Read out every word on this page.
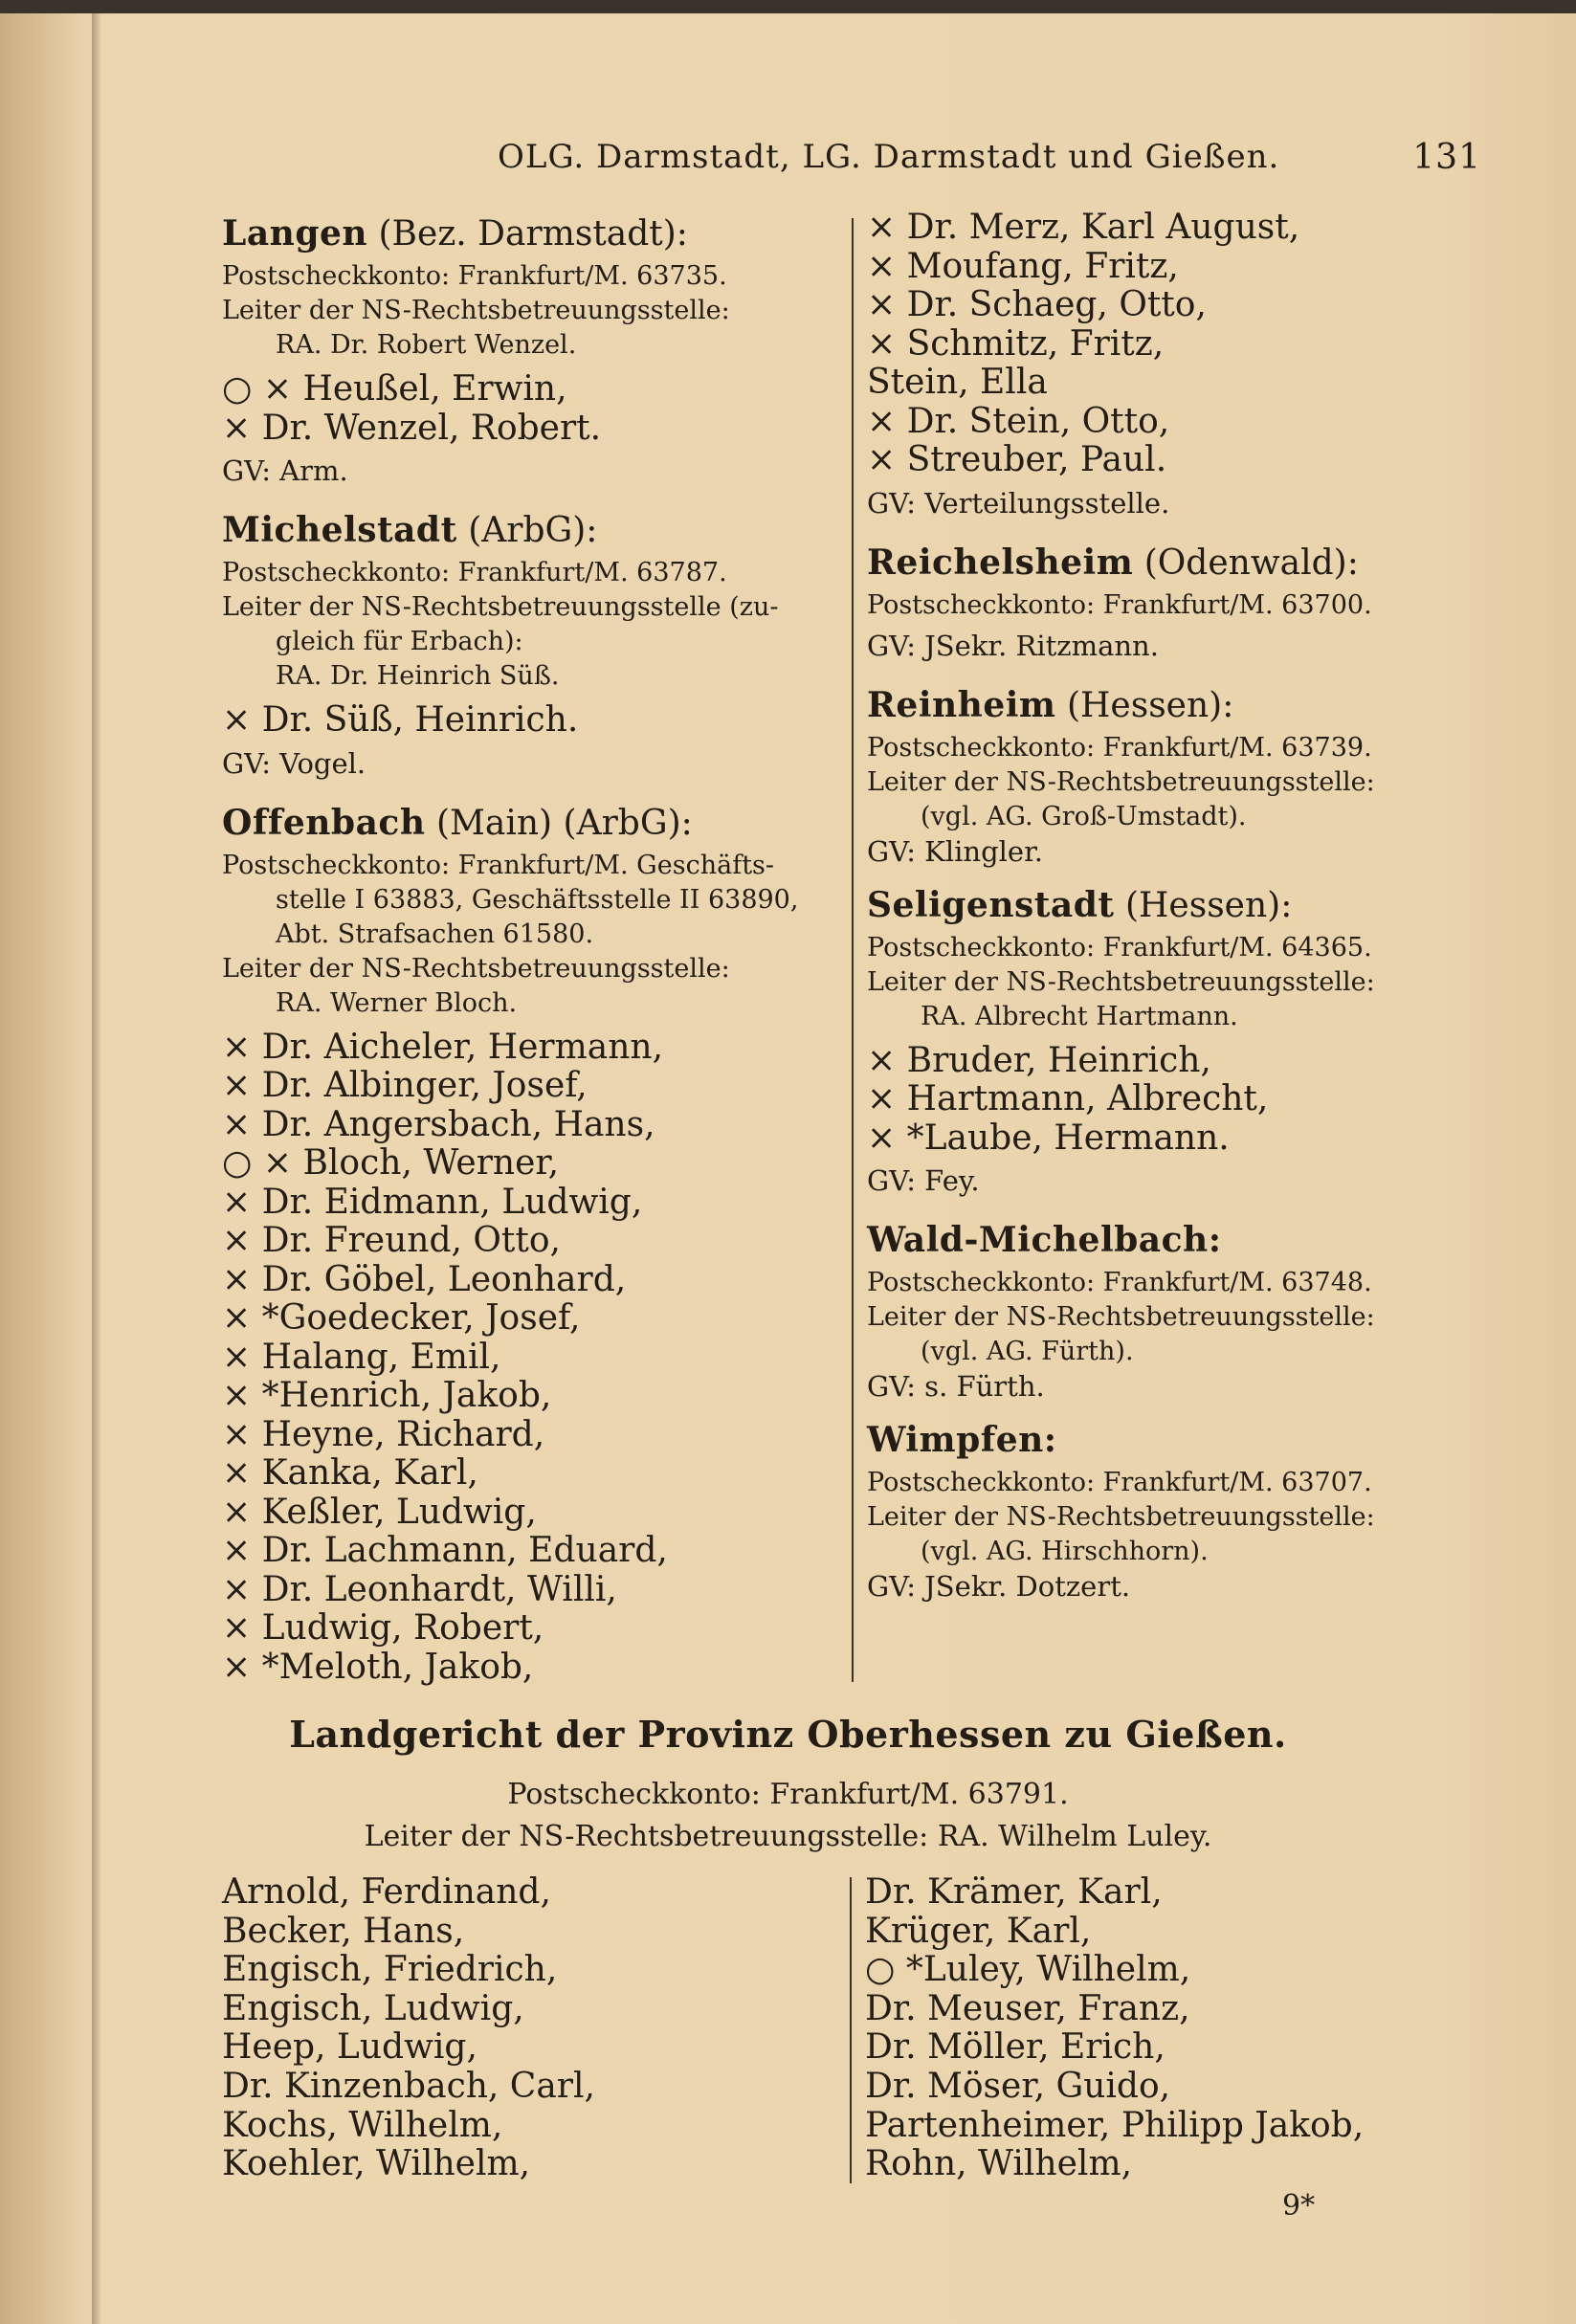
OLG. Darmstadt, LG. Darmstadt und Gießen.	131
Langen (Bez. Darmstadt):
Postscheckkonto: Frankfurt/M. 63735.
Leiter der NS-Rechtsbetreuungsstelle:
RA. Dr. Robert Wenzel.
○ × Heußel, Erwin,
× Dr. Wenzel, Robert.
GV: Arm.
Michelstadt (ArbG):
Postscheckkonto: Frankfurt/M. 63787.
Leiter der NS-Rechtsbetreuungsstelle (zu-
gleich für Erbach):
RA. Dr. Heinrich Süß.
× Dr. Süß, Heinrich.
GV: Vogel.
Offenbach (Main) (ArbG):
Postscheckkonto: Frankfurt/M. Geschäfts-
stelle I 63883, Geschäftsstelle II 63890,
Abt. Strafsachen 61580.
Leiter der NS-Rechtsbetreuungsstelle:
RA. Werner Bloch.
× Dr. Aicheler, Hermann,
× Dr. Albinger, Josef,
× Dr. Angersbach, Hans,
○ × Bloch, Werner,
× Dr. Eidmann, Ludwig,
× Dr. Freund, Otto,
× Dr. Göbel, Leonhard,
× *Goedecker, Josef,
× Halang, Emil,
× *Henrich, Jakob,
× Heyne, Richard,
× Kanka, Karl,
× Keßler, Ludwig,
× Dr. Lachmann, Eduard,
× Dr. Leonhardt, Willi,
× Ludwig, Robert,
× *Meloth, Jakob,
× Dr. Merz, Karl August,
× Moufang, Fritz,
× Dr. Schaeg, Otto,
× Schmitz, Fritz,
Stein, Ella
× Dr. Stein, Otto,
× Streuber, Paul.
GV: Verteilungsstelle.
Reichelsheim (Odenwald):
Postscheckkonto: Frankfurt/M. 63700.
GV: JSekr. Ritzmann.
Reinheim (Hessen):
Postscheckkonto: Frankfurt/M. 63739.
Leiter der NS-Rechtsbetreuungsstelle:
(vgl. AG. Groß-Umstadt).
GV: Klingler.
Seligenstadt (Hessen):
Postscheckkonto: Frankfurt/M. 64365.
Leiter der NS-Rechtsbetreuungsstelle:
RA. Albrecht Hartmann.
× Bruder, Heinrich,
× Hartmann, Albrecht,
× *Laube, Hermann.
GV: Fey.
Wald-Michelbach:
Postscheckkonto: Frankfurt/M. 63748.
Leiter der NS-Rechtsbetreuungsstelle:
(vgl. AG. Fürth).
GV: s. Fürth.
Wimpfen:
Postscheckkonto: Frankfurt/M. 63707.
Leiter der NS-Rechtsbetreuungsstelle:
(vgl. AG. Hirschhorn).
GV: JSekr. Dotzert.
Landgericht der Provinz Oberhessen zu Gießen.
Postscheckkonto: Frankfurt/M. 63791.
Leiter der NS-Rechtsbetreuungsstelle: RA. Wilhelm Luley.
Arnold, Ferdinand,
Becker, Hans,
Engisch, Friedrich,
Engisch, Ludwig,
Heep, Ludwig,
Dr. Kinzenbach, Carl,
Kochs, Wilhelm,
Koehler, Wilhelm,
Dr. Krämer, Karl,
Krüger, Karl,
○ *Luley, Wilhelm,
Dr. Meuser, Franz,
Dr. Möller, Erich,
Dr. Möser, Guido,
Partenheimer, Philipp Jakob,
Rohn, Wilhelm,
9*
